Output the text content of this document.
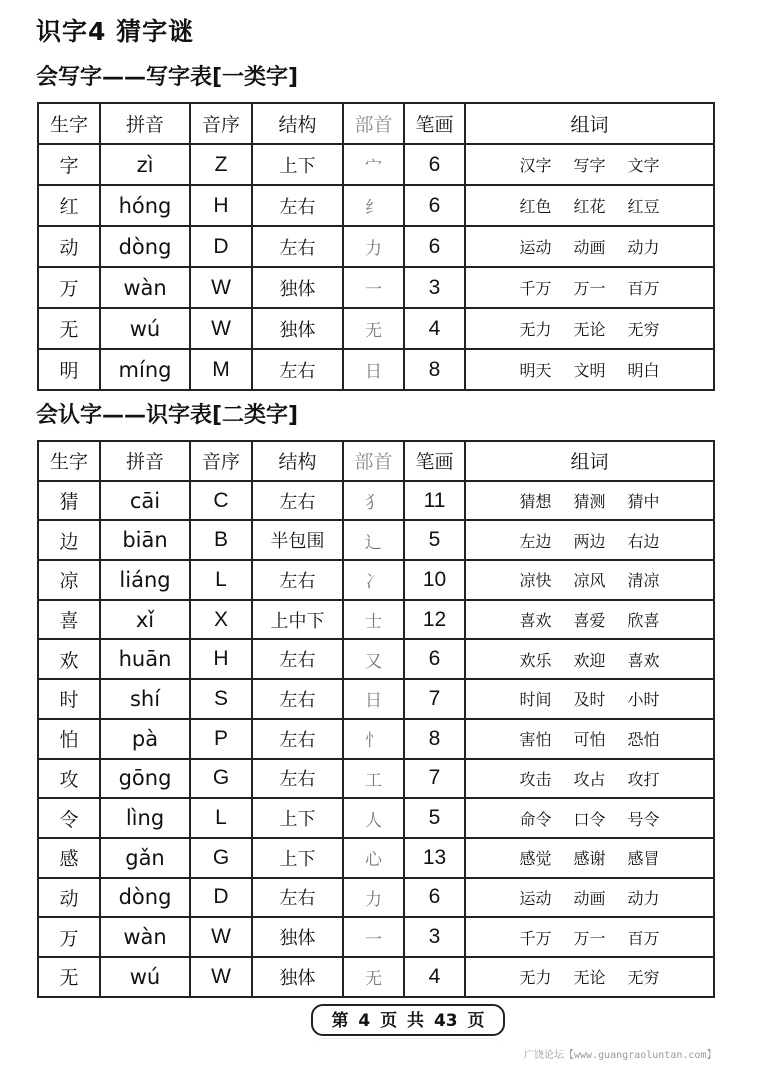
识字4 猜字谜
会写字——写字表[一类字]
生字	拼音	音序	结构	部首	笔画	组词
字	zì	Z	上下	宀	6	汉字 写字 文字
红	hóng	H	左右	纟	6	红色 红花 红豆
动	dòng	D	左右	力	6	运动 动画 动力
万	wàn	W	独体	一	3	千万 万一 百万
无	wú	W	独体	无	4	无力 无论 无穷
明	míng	M	左右	日	8	明天 文明 明白
会认字——识字表[二类字]
生字	拼音	音序	结构	部首	笔画	组词
猜	cāi	C	左右	犭	11	猜想 猜测 猜中
边	biān	B	半包围	辶	5	左边 两边 右边
凉	liáng	L	左右	冫	10	凉快 凉风 清凉
喜	xǐ	X	上中下	士	12	喜欢 喜爱 欣喜
欢	huān	H	左右	又	6	欢乐 欢迎 喜欢
时	shí	S	左右	日	7	时间 及时 小时
怕	pà	P	左右	忄	8	害怕 可怕 恐怕
攻	gōng	G	左右	工	7	攻击 攻占 攻打
令	lìng	L	上下	人	5	命令 口令 号令
感	gǎn	G	上下	心	13	感觉 感谢 感冒
动	dòng	D	左右	力	6	运动 动画 动力
万	wàn	W	独体	一	3	千万 万一 百万
无	wú	W	独体	无	4	无力 无论 无穷
第 4 页 共 43 页
广饶论坛【www.guangraoluntan.com】
